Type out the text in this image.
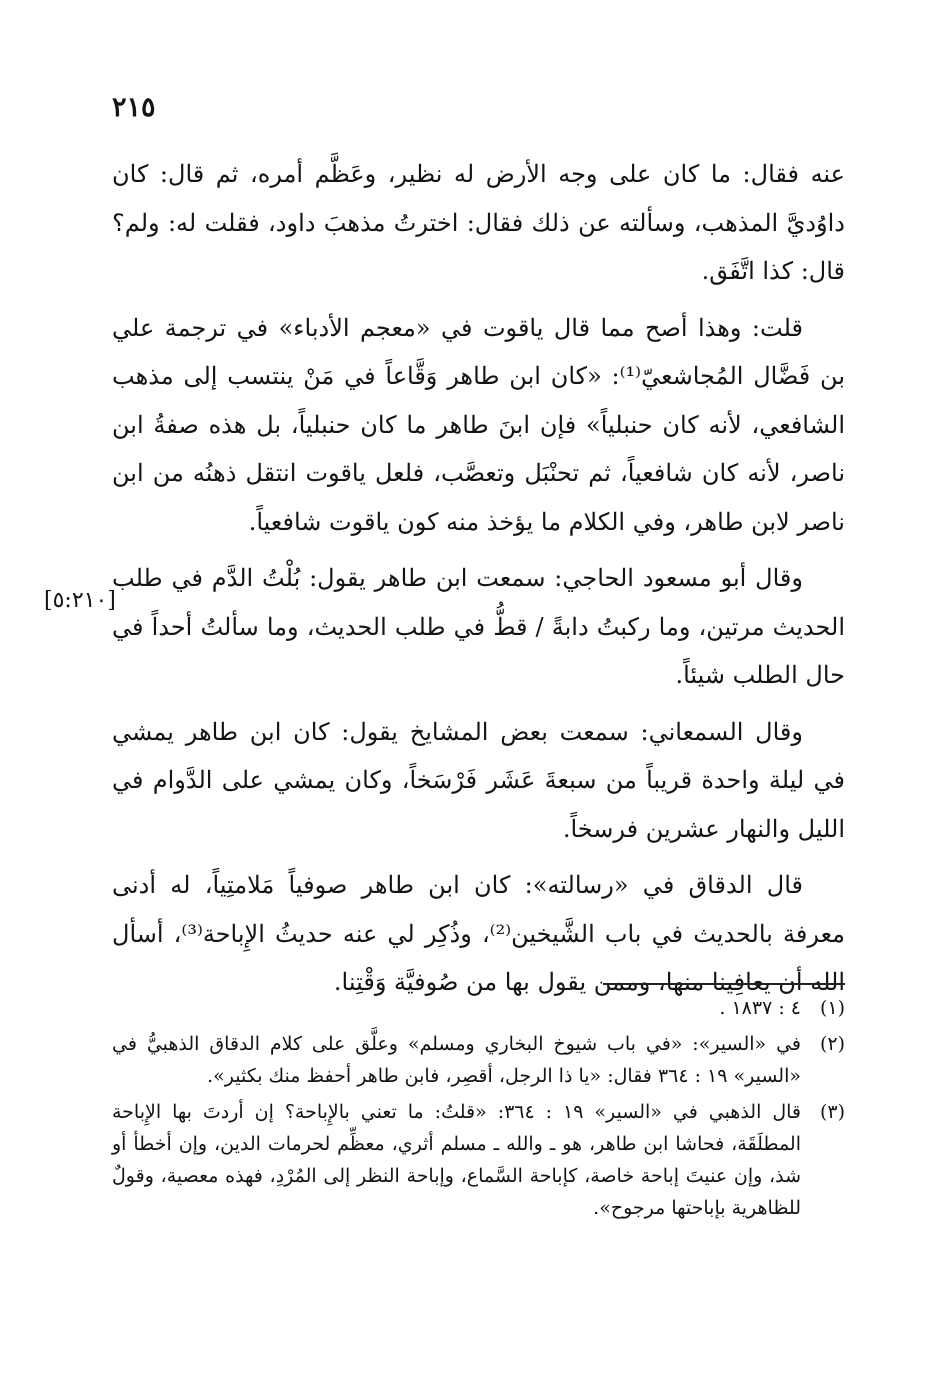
٢١٥

عنه فقال: ما كان على وجه الأرض له نظير، وعَظَّم أمره، ثم قال: كان داوُديَّ المذهب، وسألته عن ذلك فقال: اخترتُ مذهبَ داود، فقلت له: ولم؟ قال: كذا اتَّفَق.

قلت: وهذا أصح مما قال ياقوت في «معجم الأدباء» في ترجمة علي بن فَضَّال المُجاشعيّ⁽¹⁾: «كان ابن طاهر وَقَّاعاً في مَنْ ينتسب إلى مذهب الشافعي، لأنه كان حنبلياً» فإن ابنَ طاهر ما كان حنبلياً، بل هذه صفةُ ابن ناصر، لأنه كان شافعياً، ثم تحنْبَل وتعصَّب، فلعل ياقوت انتقل ذهنُه من ابن ناصر لابن طاهر، وفي الكلام ما يؤخذ منه كون ياقوت شافعياً.

وقال أبو مسعود الحاجي: سمعت ابن طاهر يقول: بُلْتُ الدَّم في طلب الحديث مرتين، وما ركبتُ دابةً / قطُّ في طلب الحديث، وما سألتُ أحداً في حال الطلب شيئاً.

وقال السمعاني: سمعت بعض المشايخ يقول: كان ابن طاهر يمشي في ليلة واحدة قريباً من سبعةَ عَشَر فَرْسَخاً، وكان يمشي على الدَّوام في الليل والنهار عشرين فرسخاً.

قال الدقاق في «رسالته»: كان ابن طاهر صوفياً مَلامتِياً، له أدنى معرفة بالحديث في باب الشَّيخين⁽²⁾، وذُكِر لي عنه حديثُ الإِباحة⁽³⁾، أسأل الله أن يعافِينا منها، وممن يقول بها من صُوفيَّة وَقْتِنا.

[٥:٢١٠]
(١)
٤ : ١٨٣٧ .
(٢)
في «السير»: «في باب شيوخ البخاري ومسلم» وعلَّق على كلام الدقاق الذهبيُّ في «السير» ١٩ : ٣٦٤ فقال: «يا ذا الرجل، أقصِر، فابن طاهر أحفظ منك بكثير».
(٣)
قال الذهبي في «السير» ١٩ : ٣٦٤: «قلتُ: ما تعني بالإِباحة؟ إن أردتَ بها الإِباحة المطلَقَة، فحاشا ابن طاهر، هو ـ والله ـ مسلم أثري، معظِّم لحرمات الدين، وإن أخطأ أو شذ، وإن عنيتَ إباحة خاصة، كإباحة السَّماع، وإباحة النظر إلى المُرْدِ، فهذه معصية، وقولٌ للظاهرية بإباحتها مرجوح».
